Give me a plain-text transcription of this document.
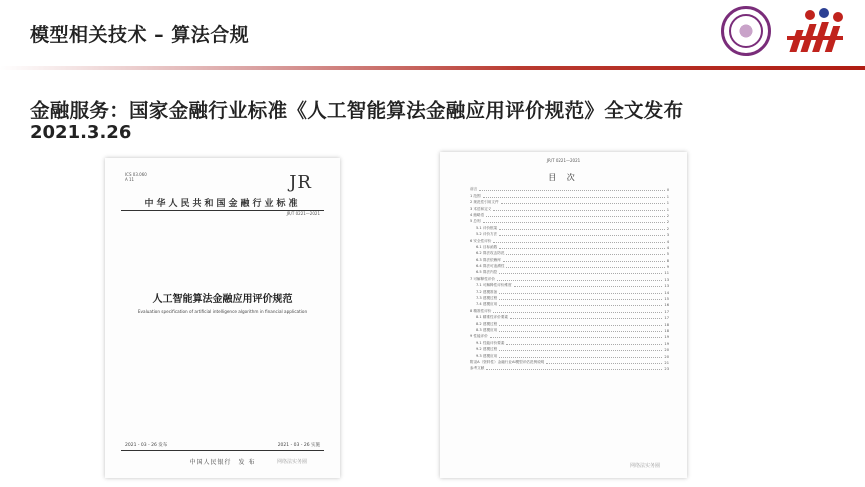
模型相关技术 – 算法合规
金融服务：国家金融行业标准《人工智能算法金融应用评价规范》全文发布
2021.3.26
ICS 03.060
A 11	JR
中华人民共和国金融行业标准
JR/T 0221—2021
人工智能算法金融应用评价规范
Evaluation specification of artificial intelligence algorithm in financial application
2021 - 03 - 26 发布	2021 - 03 - 26 实施
中国人民银行　发 布	网络法实务圈
JR/T 0221—2021
目 次
前言	II
1 范围	1
2 规范性引用文件	1
3 术语和定义	1
4 缩略语	2
5 总则	2
5.1 评价框架	2
5.2 评价方法	3
6 安全性评价	4
6.1 目标函数	4
6.2 算法攻击防范	5
6.3 算法依赖库	8
6.4 算法可追溯性	9
6.5 算法内控	11
7 可解释性评价	13
7.1 可解释性评价维度	13
7.2 建模准备	14
7.3 建模过程	15
7.4 建模应用	16
8 精准性评价	17
8.1 精准性评价要素	17
8.2 建模过程	18
8.3 建模应用	18
9 性能评价	19
9.1 性能评价要素	19
9.2 建模过程	20
9.3 建模应用	20
附录A（资料性）金融行业AI模型评估范例说明	21
参考文献	23
网络法实务圈
